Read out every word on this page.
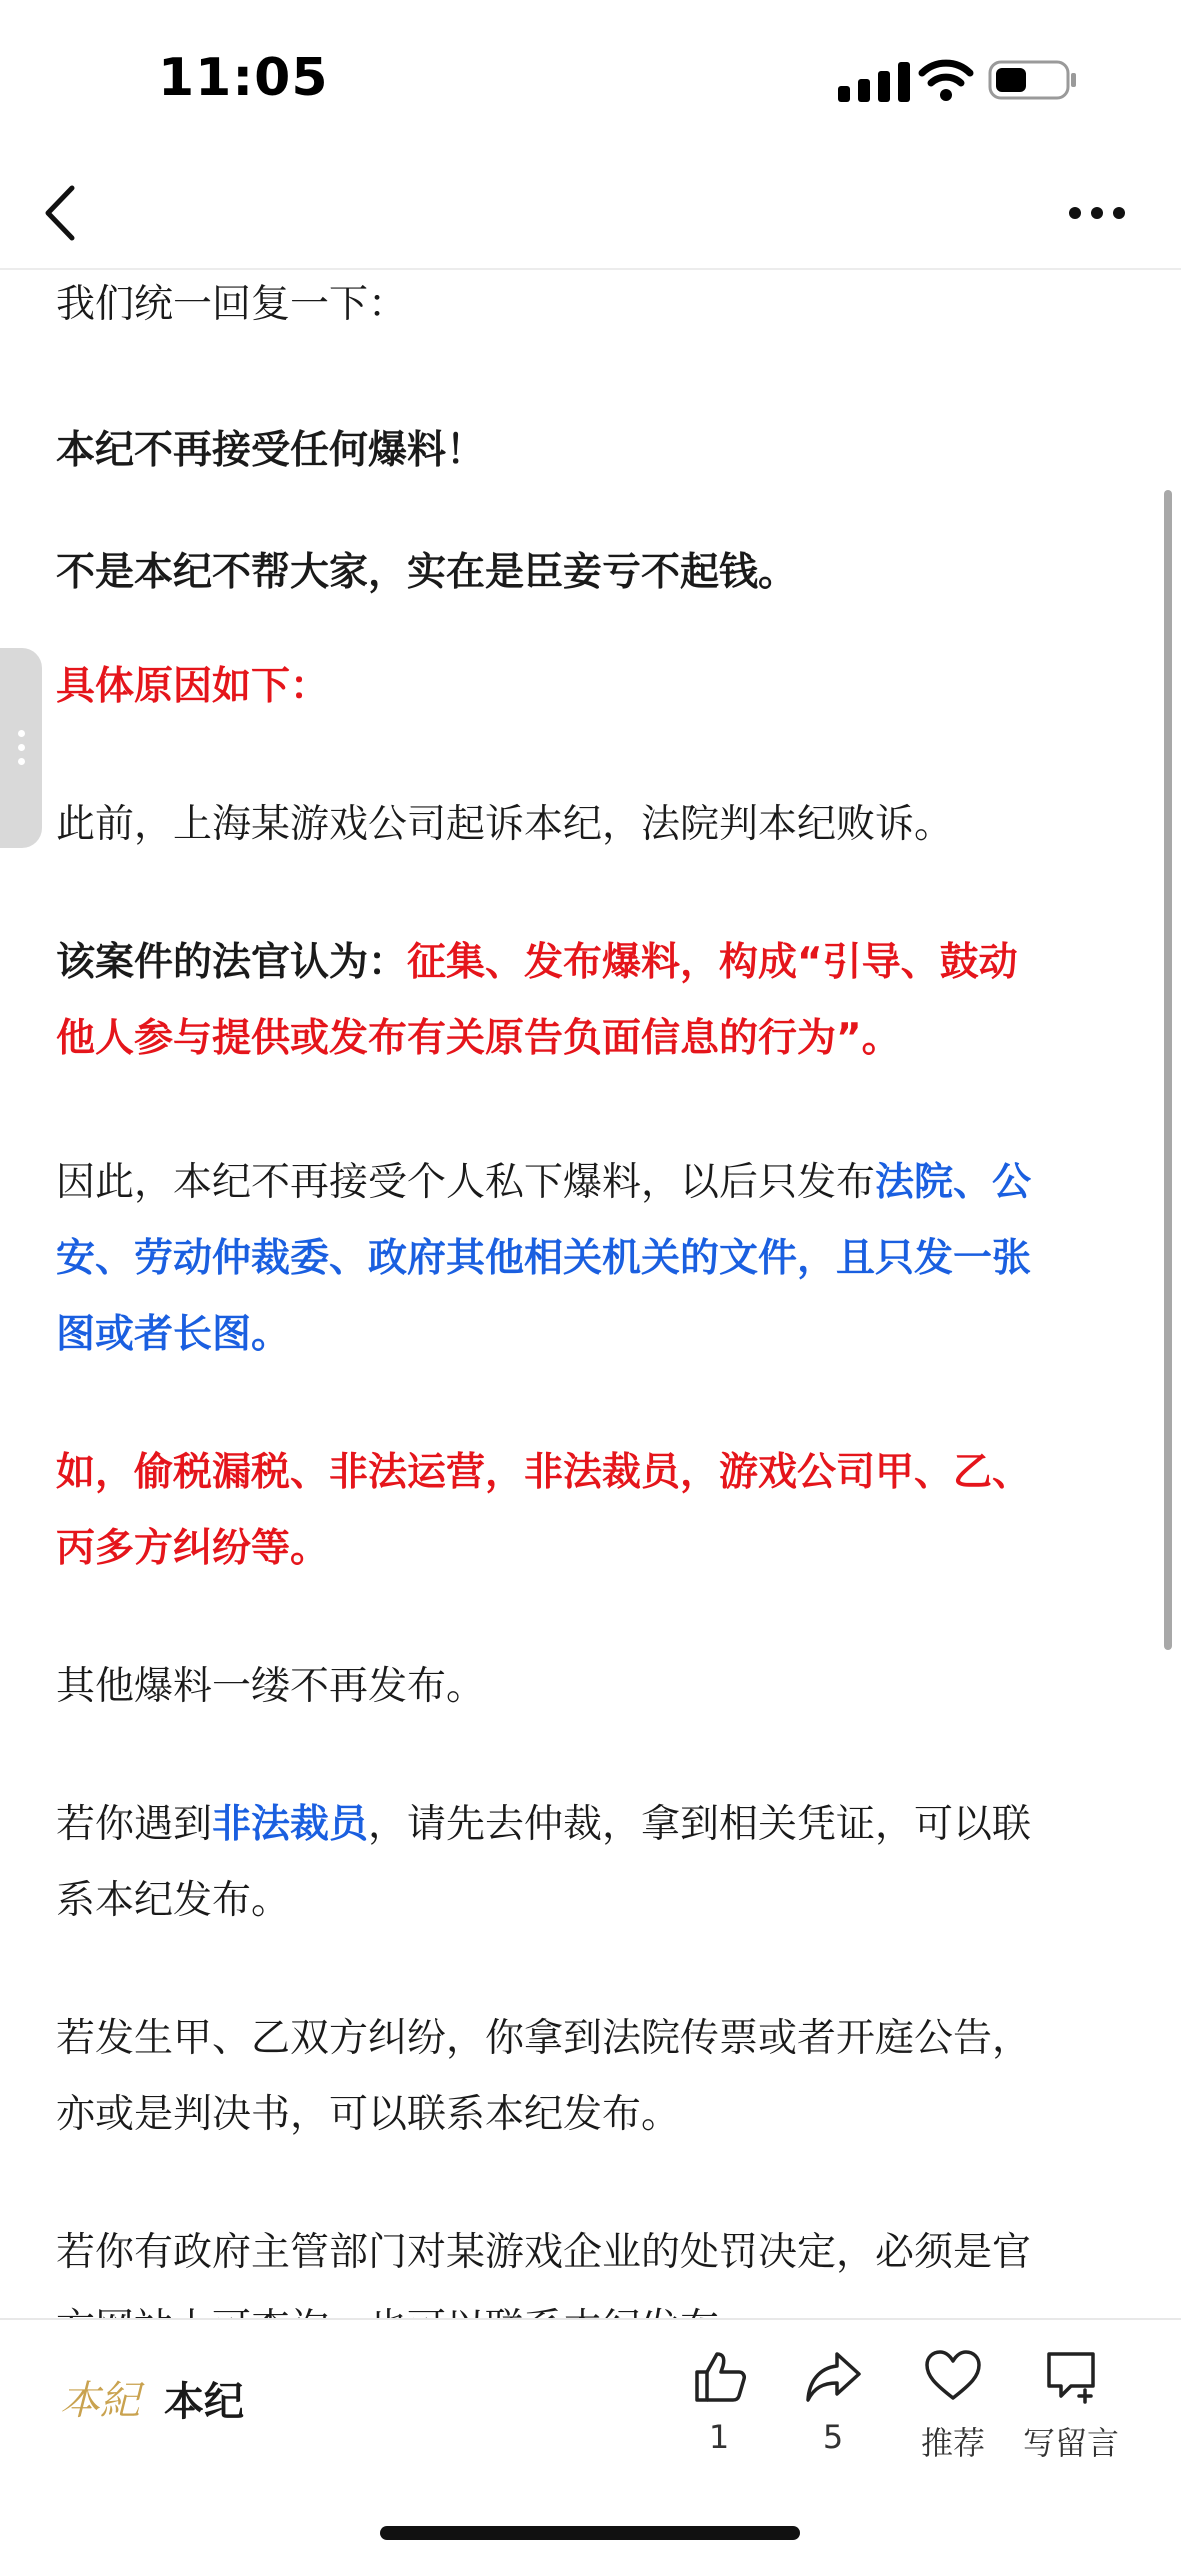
11:05

我们统一回复一下：

本纪不再接受任何爆料！

不是本纪不帮大家，实在是臣妾亏不起钱。

具体原因如下：

此前，上海某游戏公司起诉本纪，法院判本纪败诉。

该案件的法官认为：征集、发布爆料，构成“引导、鼓动

他人参与提供或发布有关原告负面信息的行为”。

因此，本纪不再接受个人私下爆料，以后只发布法院、公

安、劳动仲裁委、政府其他相关机关的文件，且只发一张

图或者长图。

如，偷税漏税、非法运营，非法裁员，游戏公司甲、乙、

丙多方纠纷等。

其他爆料一缕不再发布。

若你遇到非法裁员，请先去仲裁，拿到相关凭证，可以联

系本纪发布。

若发生甲、乙双方纠纷，你拿到法院传票或者开庭公告，

亦或是判决书，可以联系本纪发布。

若你有政府主管部门对某游戏企业的处罚决定，必须是官

本紀 本纪
1	5	推荐	写留言
